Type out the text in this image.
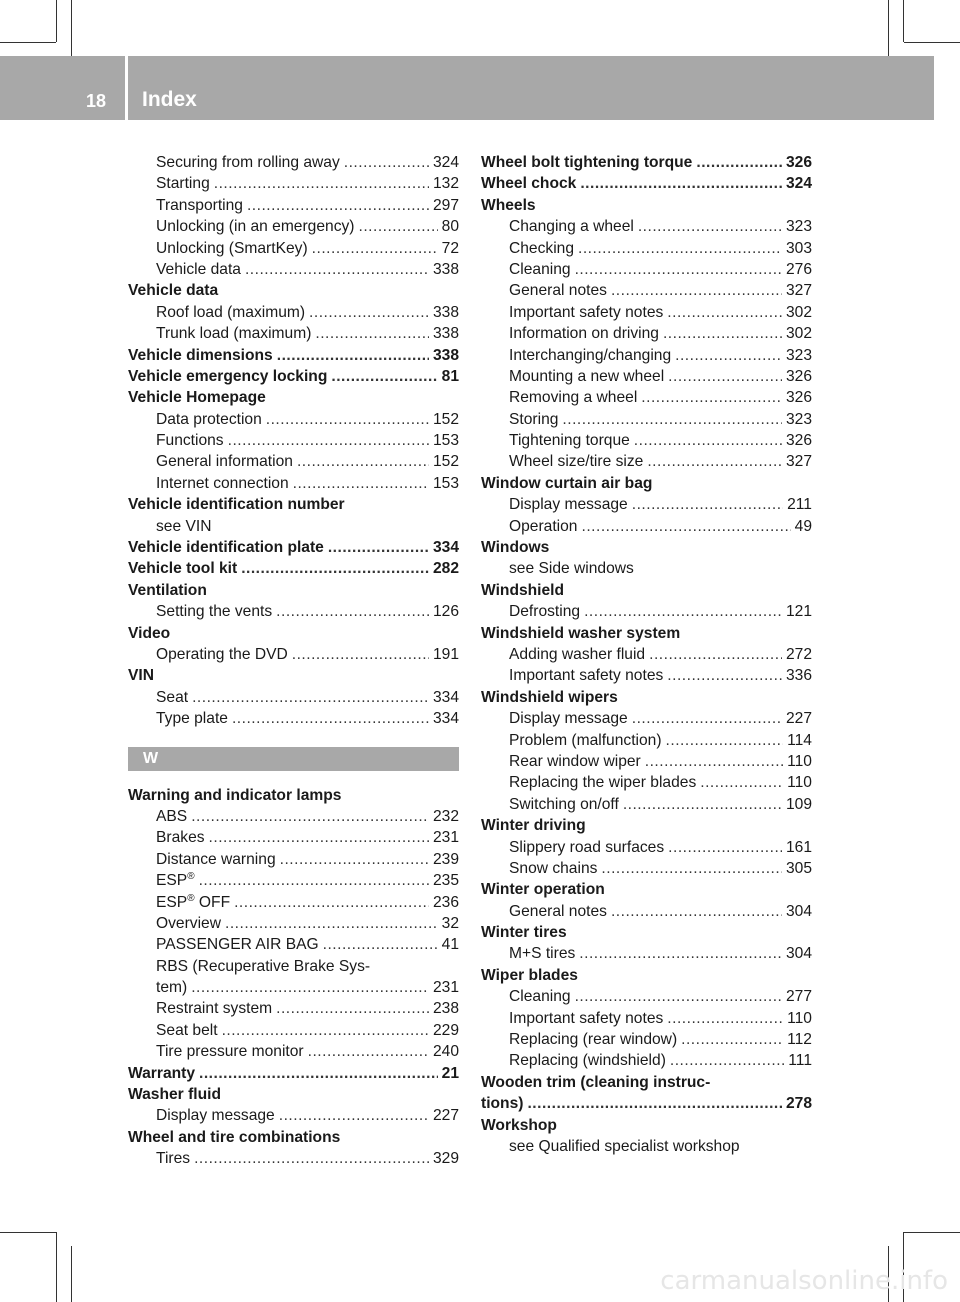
18	Index
Securing from rolling away .....	324
Starting .....	132
Transporting .....	297
Unlocking (in an emergency) .....	80
Unlocking (SmartKey) .....	72
Vehicle data .....	338
Vehicle data
Roof load (maximum) .....	338
Trunk load (maximum) .....	338
Vehicle dimensions .....	338
Vehicle emergency locking .....	81
Vehicle Homepage
Data protection .....	152
Functions .....	153
General information .....	152
Internet connection .....	153
Vehicle identification number
see VIN
Vehicle identification plate .....	334
Vehicle tool kit .....	282
Ventilation
Setting the vents .....	126
Video
Operating the DVD .....	191
VIN
Seat .....	334
Type plate .....	334
W
Warning and indicator lamps
ABS .....	232
Brakes .....	231
Distance warning .....	239
ESP® .....	235
ESP® OFF .....	236
Overview .....	32
PASSENGER AIR BAG .....	41
RBS (Recuperative Brake Sys-
tem) .....	231
Restraint system .....	238
Seat belt .....	229
Tire pressure monitor .....	240
Warranty .....	21
Washer fluid
Display message .....	227
Wheel and tire combinations
Tires .....	329
Wheel bolt tightening torque .....	326
Wheel chock .....	324
Wheels
Changing a wheel .....	323
Checking .....	303
Cleaning .....	276
General notes .....	327
Important safety notes .....	302
Information on driving .....	302
Interchanging/changing .....	323
Mounting a new wheel .....	326
Removing a wheel .....	326
Storing .....	323
Tightening torque .....	326
Wheel size/tire size .....	327
Window curtain air bag
Display message .....	211
Operation .....	49
Windows
see Side windows
Windshield
Defrosting .....	121
Windshield washer system
Adding washer fluid .....	272
Important safety notes .....	336
Windshield wipers
Display message .....	227
Problem (malfunction) .....	114
Rear window wiper .....	110
Replacing the wiper blades .....	110
Switching on/off .....	109
Winter driving
Slippery road surfaces .....	161
Snow chains .....	305
Winter operation
General notes .....	304
Winter tires
M+S tires .....	304
Wiper blades
Cleaning .....	277
Important safety notes .....	110
Replacing (rear window) .....	112
Replacing (windshield) .....	111
Wooden trim (cleaning instruc-
tions) .....	278
Workshop
see Qualified specialist workshop
carmanualsonline.info
